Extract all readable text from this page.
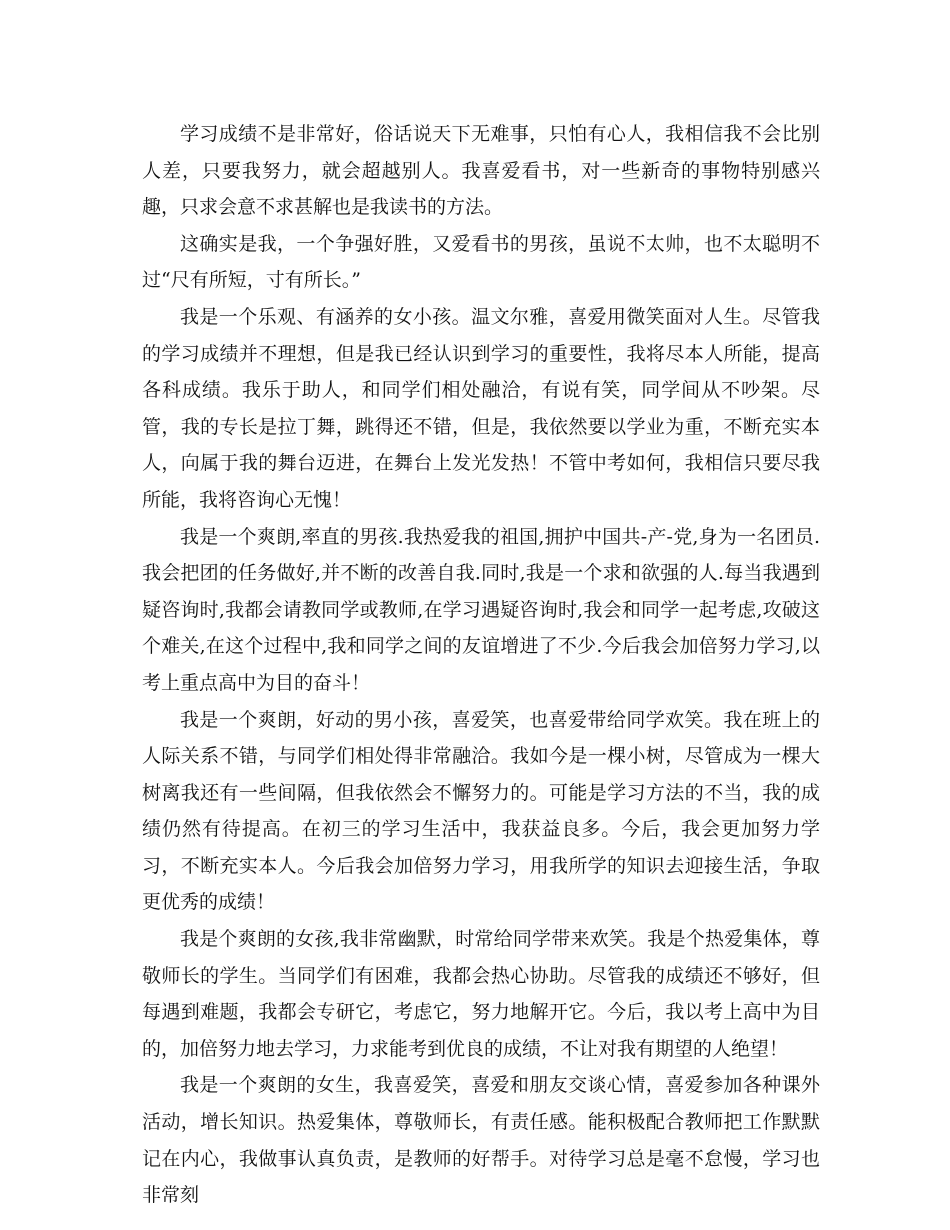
学习成绩不是非常好，俗话说天下无难事，只怕有心人，我相信我不会比别人差，只要我努力，就会超越别人。我喜爱看书，对一些新奇的事物特别感兴趣，只求会意不求甚解也是我读书的方法。

这确实是我，一个争强好胜，又爱看书的男孩，虽说不太帅，也不太聪明不过“尺有所短，寸有所长。”

我是一个乐观、有涵养的女小孩。温文尔雅，喜爱用微笑面对人生。尽管我的学习成绩并不理想，但是我已经认识到学习的重要性，我将尽本人所能，提高各科成绩。我乐于助人，和同学们相处融洽，有说有笑，同学间从不吵架。尽管，我的专长是拉丁舞，跳得还不错，但是，我依然要以学业为重，不断充实本人，向属于我的舞台迈进，在舞台上发光发热！不管中考如何，我相信只要尽我所能，我将咨询心无愧！

我是一个爽朗,率直的男孩.我热爱我的祖国,拥护中国共-产-党,身为一名团员.我会把团的任务做好,并不断的改善自我.同时,我是一个求和欲强的人.每当我遇到疑咨询时,我都会请教同学或教师,在学习遇疑咨询时,我会和同学一起考虑,攻破这个难关,在这个过程中,我和同学之间的友谊增进了不少.今后我会加倍努力学习,以考上重点高中为目的奋斗！

我是一个爽朗，好动的男小孩，喜爱笑，也喜爱带给同学欢笑。我在班上的人际关系不错，与同学们相处得非常融洽。我如今是一棵小树，尽管成为一棵大树离我还有一些间隔，但我依然会不懈努力的。可能是学习方法的不当，我的成绩仍然有待提高。在初三的学习生活中，我获益良多。今后，我会更加努力学习，不断充实本人。今后我会加倍努力学习，用我所学的知识去迎接生活，争取更优秀的成绩！

我是个爽朗的女孩,我非常幽默，时常给同学带来欢笑。我是个热爱集体，尊敬师长的学生。当同学们有困难，我都会热心协助。尽管我的成绩还不够好，但每遇到难题，我都会专研它，考虑它，努力地解开它。今后，我以考上高中为目的，加倍努力地去学习，力求能考到优良的成绩，不让对我有期望的人绝望！

我是一个爽朗的女生，我喜爱笑，喜爱和朋友交谈心情，喜爱参加各种课外活动，增长知识。热爱集体，尊敬师长，有责任感。能积极配合教师把工作默默记在内心，我做事认真负责，是教师的好帮手。对待学习总是毫不怠慢，学习也非常刻
